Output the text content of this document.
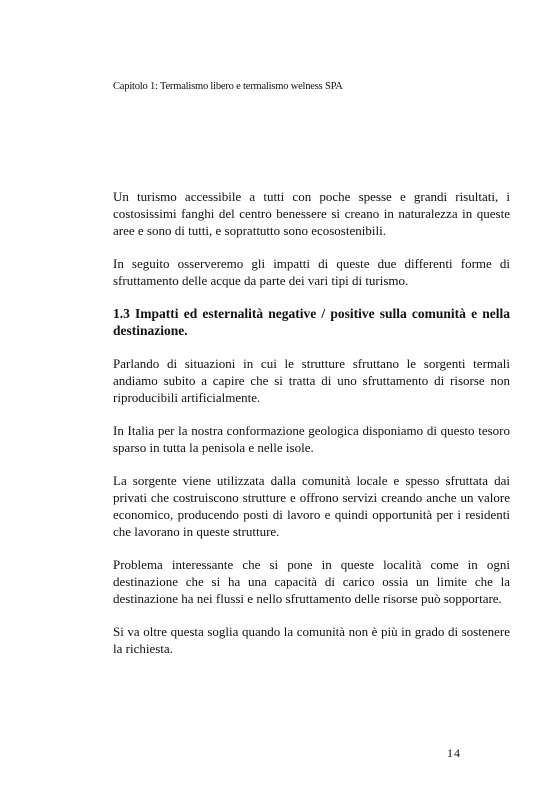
Capitolo 1: Termalismo libero e termalismo welness SPA

Un turismo accessibile a tutti con poche spesse e grandi risultati, i costosissimi fanghi del centro benessere si creano in naturalezza in queste aree e sono di tutti, e soprattutto sono ecosostenibili.

In seguito osserveremo gli impatti di queste due differenti forme di sfruttamento delle acque da parte dei vari tipi di turismo.

1.3 Impatti ed esternalità negative / positive sulla comunità e nella destinazione.

Parlando di situazioni in cui le strutture sfruttano le sorgenti termali andiamo subito a capire che si tratta di uno sfruttamento di risorse non riproducibili artificialmente.

In Italia per la nostra conformazione geologica disponiamo di questo tesoro sparso in tutta la penisola e nelle isole.

La sorgente viene utilizzata dalla comunità locale e spesso sfruttata dai privati che costruiscono strutture e offrono servizi creando anche un valore economico, producendo posti di lavoro e quindi opportunità per i residenti che lavorano in queste strutture.

Problema interessante che si pone in queste località come in ogni destinazione che si ha una capacità di carico ossia un limite che la destinazione ha nei flussi e nello sfruttamento delle risorse può sopportare.

Si va oltre questa soglia quando la comunità non è più in grado di sostenere la richiesta.

14
